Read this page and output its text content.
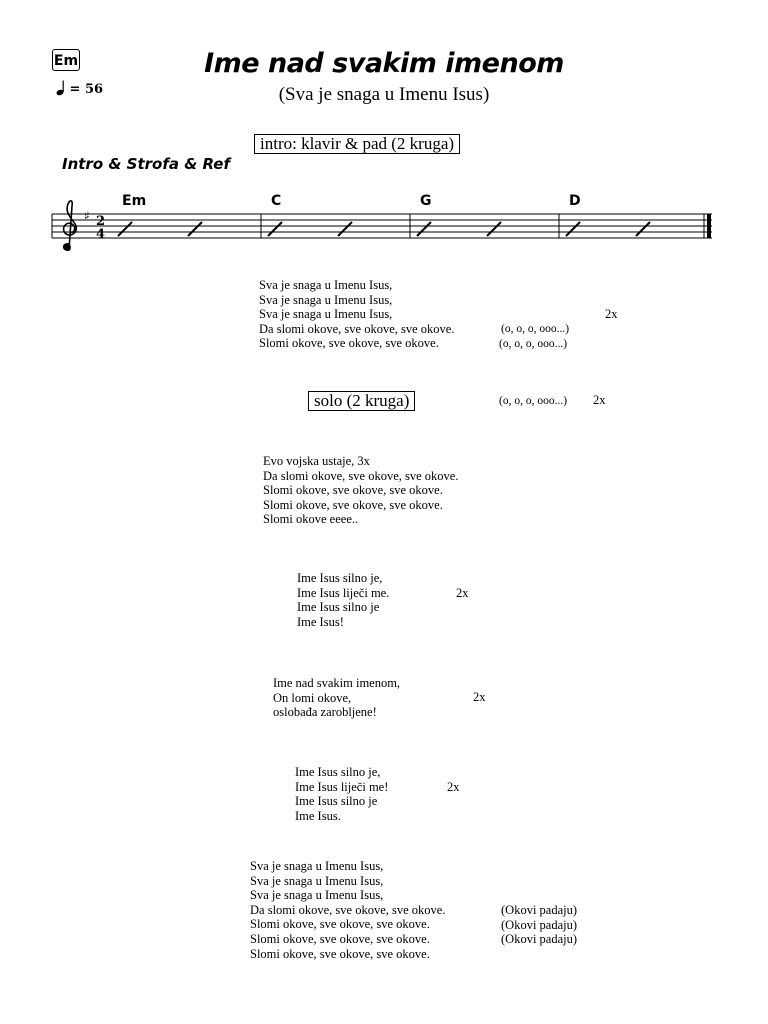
Em
= 56
Ime nad svakim imenom
(Sva je snaga u Imenu Isus)
intro: klavir & pad (2 kruga)
Intro & Strofa & Ref
Em	C	G	D
♯ 2
4
Sva je snaga u Imenu Isus,
Sva je snaga u Imenu Isus,
Sva je snaga u Imenu Isus,
Da slomi okove, sve okove, sve okove.
Slomi okove, sve okove, sve okove.
2x
(o, o, o, ooo...)
(o, o, o, ooo...)
solo (2 kruga)	(o, o, o, ooo...) 2x
Evo vojska ustaje, 3x
Da slomi okove, sve okove, sve okove.
Slomi okove, sve okove, sve okove.
Slomi okove, sve okove, sve okove.
Slomi okove eeee..
Ime Isus silno je,
Ime Isus liječi me.
Ime Isus silno je
Ime Isus!
2x
Ime nad svakim imenom,
On lomi okove,
oslobađa zarobljene!
2x
Ime Isus silno je,
Ime Isus liječi me!
Ime Isus silno je
Ime Isus.
2x
Sva je snaga u Imenu Isus,
Sva je snaga u Imenu Isus,
Sva je snaga u Imenu Isus,
Da slomi okove, sve okove, sve okove.
Slomi okove, sve okove, sve okove.
Slomi okove, sve okove, sve okove.
Slomi okove, sve okove, sve okove.
(Okovi padaju)
(Okovi padaju)
(Okovi padaju)
